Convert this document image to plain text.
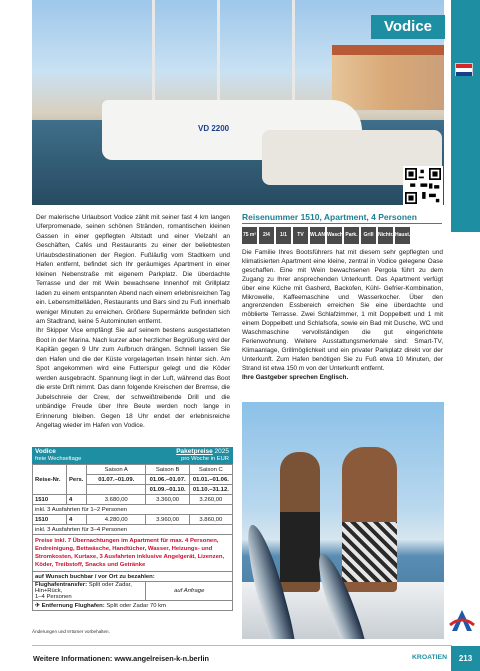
KROATIEN – DALMATIEN
VD 2200
Vodice

Der malerische Urlaubsort Vodice zählt mit seiner fast 4 km langen Uferpromenade, seinen schönen Stränden, romantischen kleinen Gassen in einer gepflegten Altstadt und einer Vielzahl an Geschäften, Cafés und Restaurants zu einer der beliebtesten Urlaubsdestinationen der Region. Fußläufig vom Stadtkern und Hafen entfernt, befindet sich Ihr geräumiges Apartment in einer kleinen Nebenstraße mit eigenem Parkplatz. Die überdachte Terrasse und der mit Wein bewachsene Innenhof mit Grillplatz laden zu einem entspannten Abend nach einem erlebnisreichen Tag ein. Lebensmittelläden, Restaurants und Bars sind zu Fuß innerhalb weniger Minuten zu erreichen. Größere Supermärkte befinden sich am Stadtrand, keine 5 Autominuten entfernt.

Ihr Skipper Vice empfängt Sie auf seinem bestens ausgestatteten Boot in der Marina. Nach kurzer aber herzlicher Begrüßung wird der Kapitän gegen 9 Uhr zum Aufbruch drängen. Schnell lassen Sie den Hafen und die der Küste vorgelagerten Inseln hinter sich. Am Spot angekommen wird eine Futterspur gelegt und die Köder werden ausgebracht. Spannung liegt in der Luft, während das Boot die erste Drift nimmt. Das dann folgende Kreischen der Bremse, die Jubelschreie der Crew, der schweißtreibende Drill und die unbändige Freude über Ihre Beute werden noch lange in Erinnerung bleiben. Gegen 18 Uhr endet der erlebnisreiche Angeltag wieder im Hafen von Vodice.

Reisenummer 1510, Apartment, 4 Personen
75 m²	2/4	1/1	TV	WLAN Wasch. Park.	Grill Nichtr. Haust.
Die Familie Ihres Bootsführers hat mit diesem sehr gepflegten und klimatisierten Apartment eine kleine, zentral in Vodice gelegene Oase geschaffen. Eine mit Wein bewachsenen Pergola führt zu dem Zugang zu Ihrer ansprechenden Unterkunft. Das Apartment verfügt über eine Küche mit Gasherd, Backofen, Kühl- Gefrier-Kombination, Mikrowelle, Kaffeemaschine und Wasserkocher. Über den angrenzenden Essbereich erreichen Sie eine überdachte und möblierte Terrasse. Zwei Schlafzimmer, 1 mit Doppelbett und 1 mit einem Doppelbett und Schlafsofa, sowie ein Bad mit Dusche, WC und Waschmaschine vervollständigen die gut eingerichtete Ferienwohnung. Weitere Ausstattungsmerkmale sind: Smart-TV, Klimaanlage, Grillmöglichkeit und ein privater Parkplatz direkt vor der Unterkunft. Zum Hafen benötigen Sie zu Fuß etwa 10 Minuten, der Strand ist etwa 150 m von der Unterkunft entfernt.
Ihre Gastgeber sprechen Englisch.
Vodice
freie Wechseltage
Paketpreise 2025
pro Woche in EUR
Reise-Nr.	Pers.	Saison A	Saison B	Saison C
		01.07.–01.09.	01.06.–01.07.	01.01.–01.06.
			01.09.–01.10.	01.10.–31.12.
1510	4	3.680,00	3.360,00	3.260,00
inkl. 3 Ausfahrten für 1–2 Personen				
1510	4	4.280,00	3.960,00	3.860,00
inkl. 3 Ausfahrten für 3–4 Personen				
Preise inkl. 7 Übernachtungen im Apartment für max. 4 Personen, Endreinigung, Bettwäsche, Handtücher, Wasser, Heizungs- und Stromkosten, Kurtaxe, 3 Ausfahrten inklusive Angelgerät, Lizenzen, Köder, Treibstoff, Snacks und Getränke				
auf Wunsch buchbar / vor Ort zu bezahlen:				
Flughafentransfer: Split oder Zadar, Hin+Rück,
1–4 Personen			auf Anfrage	
✈ Entfernung Flughafen: Split oder Zadar 70 km				
Änderungen und Irrtümer vorbehalten.
Weitere Informationen: www.angelreisen-k-n.berlin	KROATIEN	213
